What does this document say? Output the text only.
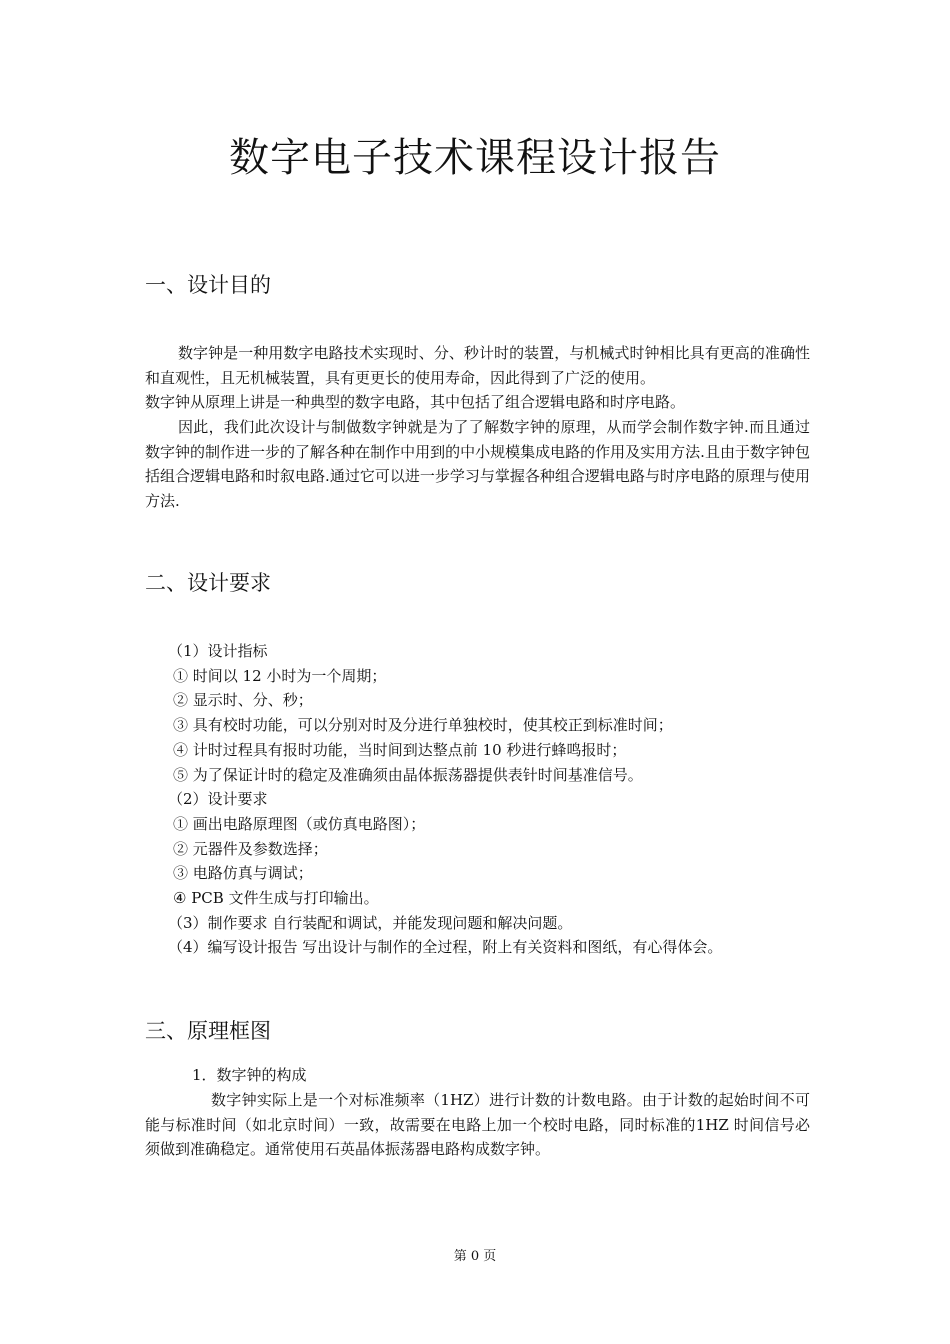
数字电子技术课程设计报告
一、设计目的

数字钟是一种用数字电路技术实现时、分、秒计时的装置，与机械式时钟相比具有更高的准确性和直观性，且无机械装置，具有更更长的使用寿命，因此得到了广泛的使用。

数字钟从原理上讲是一种典型的数字电路，其中包括了组合逻辑电路和时序电路。

因此，我们此次设计与制做数字钟就是为了了解数字钟的原理，从而学会制作数字钟.而且通过数字钟的制作进一步的了解各种在制作中用到的中小规模集成电路的作用及实用方法.且由于数字钟包括组合逻辑电路和时叙电路.通过它可以进一步学习与掌握各种组合逻辑电路与时序电路的原理与使用方法.

二、设计要求
（1）设计指标
① 时间以 12 小时为一个周期；
② 显示时、分、秒；
③ 具有校时功能，可以分别对时及分进行单独校时，使其校正到标准时间；
④ 计时过程具有报时功能，当时间到达整点前 10 秒进行蜂鸣报时；
⑤ 为了保证计时的稳定及准确须由晶体振荡器提供表针时间基准信号。
（2）设计要求
① 画出电路原理图（或仿真电路图）；
② 元器件及参数选择；
③ 电路仿真与调试；
④ PCB 文件生成与打印输出。
（3）制作要求 自行装配和调试，并能发现问题和解决问题。
（4）编写设计报告 写出设计与制作的全过程，附上有关资料和图纸，有心得体会。
三、原理框图
1．数字钟的构成

数字钟实际上是一个对标准频率（1HZ）进行计数的计数电路。由于计数的起始时间不可能与标准时间（如北京时间）一致，故需要在电路上加一个校时电路，同时标准的1HZ 时间信号必须做到准确稳定。通常使用石英晶体振荡器电路构成数字钟。

第 0 页
